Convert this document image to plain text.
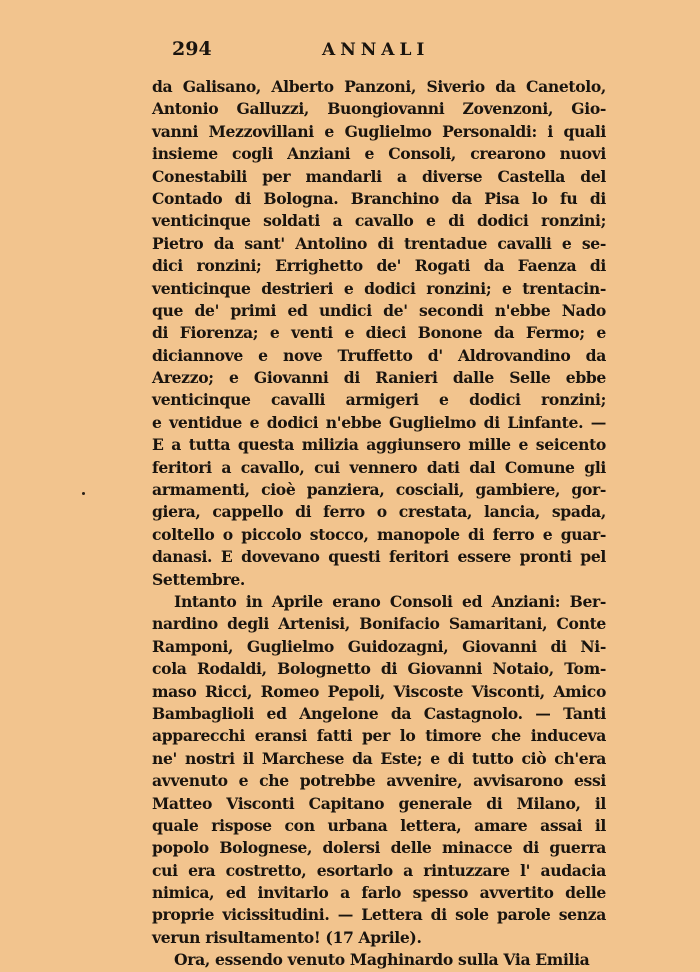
294	ANNALI
da Galisano, Alberto Panzoni, Siverio da Canetolo,
Antonio Galluzzi, Buongiovanni Zovenzoni, Gio-
vanni Mezzovillani e Guglielmo Personaldi: i quali
insieme cogli Anziani e Consoli, crearono nuovi
Conestabili per mandarli a diverse Castella del
Contado di Bologna. Branchino da Pisa lo fu di
venticinque soldati a cavallo e di dodici ronzini;
Pietro da sant' Antolino di trentadue cavalli e se-
dici ronzini; Errighetto de' Rogati da Faenza di
venticinque destrieri e dodici ronzini; e trentacin-
que de' primi ed undici de' secondi n'ebbe Nado
di Fiorenza; e venti e dieci Bonone da Fermo; e
diciannove e nove Truffetto d' Aldrovandino da
Arezzo; e Giovanni di Ranieri dalle Selle ebbe
venticinque cavalli armigeri e dodici ronzini;
e ventidue e dodici n'ebbe Guglielmo di Linfante. —
E a tutta questa milizia aggiunsero mille e seicento
feritori a cavallo, cui vennero dati dal Comune gli
armamenti, cioè panziera, cosciali, gambiere, gor-
giera, cappello di ferro o crestata, lancia, spada,
coltello o piccolo stocco, manopole di ferro e guar-
danasi. E dovevano questi feritori essere pronti pel
Settembre.
Intanto in Aprile erano Consoli ed Anziani: Ber-
nardino degli Artenisi, Bonifacio Samaritani, Conte
Ramponi, Guglielmo Guidozagni, Giovanni di Ni-
cola Rodaldi, Bolognetto di Giovanni Notaio, Tom-
maso Ricci, Romeo Pepoli, Viscoste Visconti, Amico
Bambaglioli ed Angelone da Castagnolo. — Tanti
apparecchi eransi fatti per lo timore che induceva
ne' nostri il Marchese da Este; e di tutto ciò ch'era
avvenuto e che potrebbe avvenire, avvisarono essi
Matteo Visconti Capitano generale di Milano, il
quale rispose con urbana lettera, amare assai il
popolo Bolognese, dolersi delle minacce di guerra
cui era costretto, esortarlo a rintuzzare l' audacia
nimica, ed invitarlo a farlo spesso avvertito delle
proprie vicissitudini. — Lettera di sole parole senza
verun risultamento! (17 Aprile).
Ora, essendo venuto Maghinardo sulla Via Emilia
